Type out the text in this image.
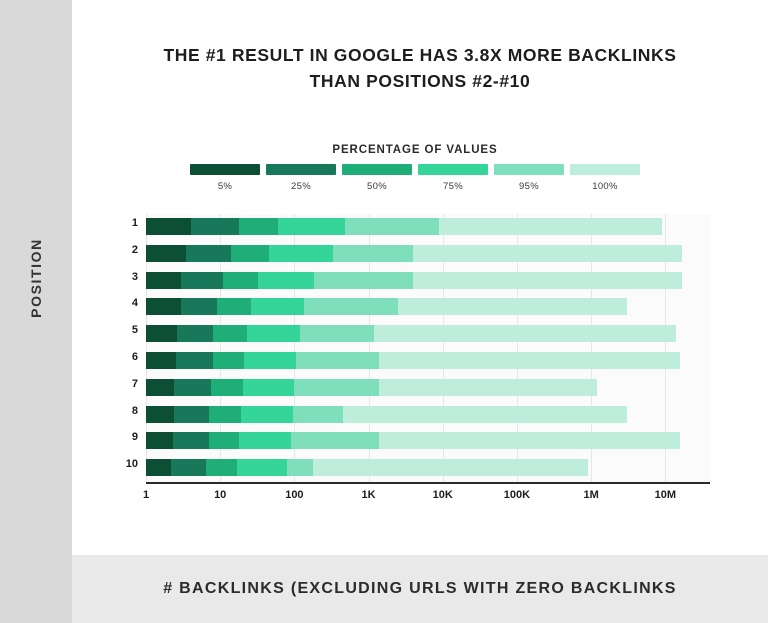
POSITION
# BACKLINKS (EXCLUDING URLS WITH ZERO BACKLINKS
THE #1 RESULT IN GOOGLE HAS 3.8X MORE BACKLINKS
THAN POSITIONS #2-#10
PERCENTAGE OF VALUES
5%	25%	50%	75%	95%	100%
1
2
3
4
5
6
7
8
9
10
1	10	100	1K	10K	100K	1M	10M
